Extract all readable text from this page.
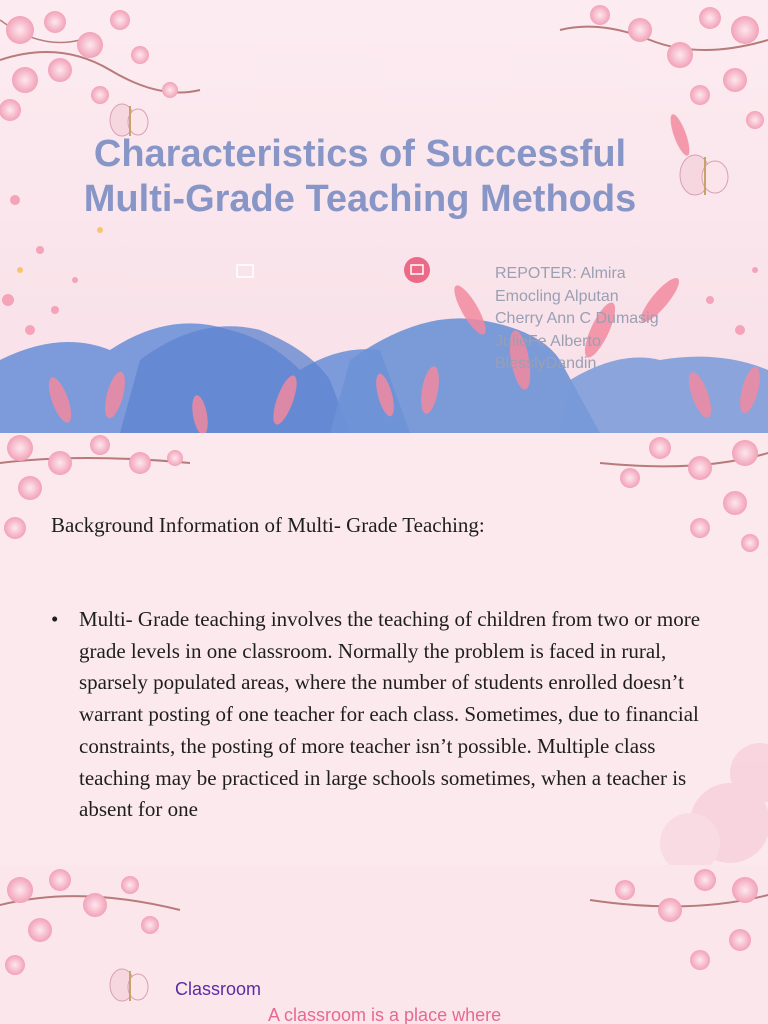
Characteristics of Successful Multi-Grade Teaching Methods
REPOTER: Almira
Emocling Alputan
Cherry Ann C Dumasig
JulieFe Alberto
BlesslyDandin
Background Information of Multi- Grade Teaching:
• Multi- Grade teaching involves the teaching of children from two or more grade levels in one classroom. Normally the problem is faced in rural, sparsely populated areas, where the number of students enrolled doesn’t warrant posting of one teacher for each class. Sometimes, due to financial constraints, the posting of more teacher isn’t possible. Multiple class teaching may be practiced in large schools sometimes, when a teacher is absent for one
Classroom
A classroom is a place where
